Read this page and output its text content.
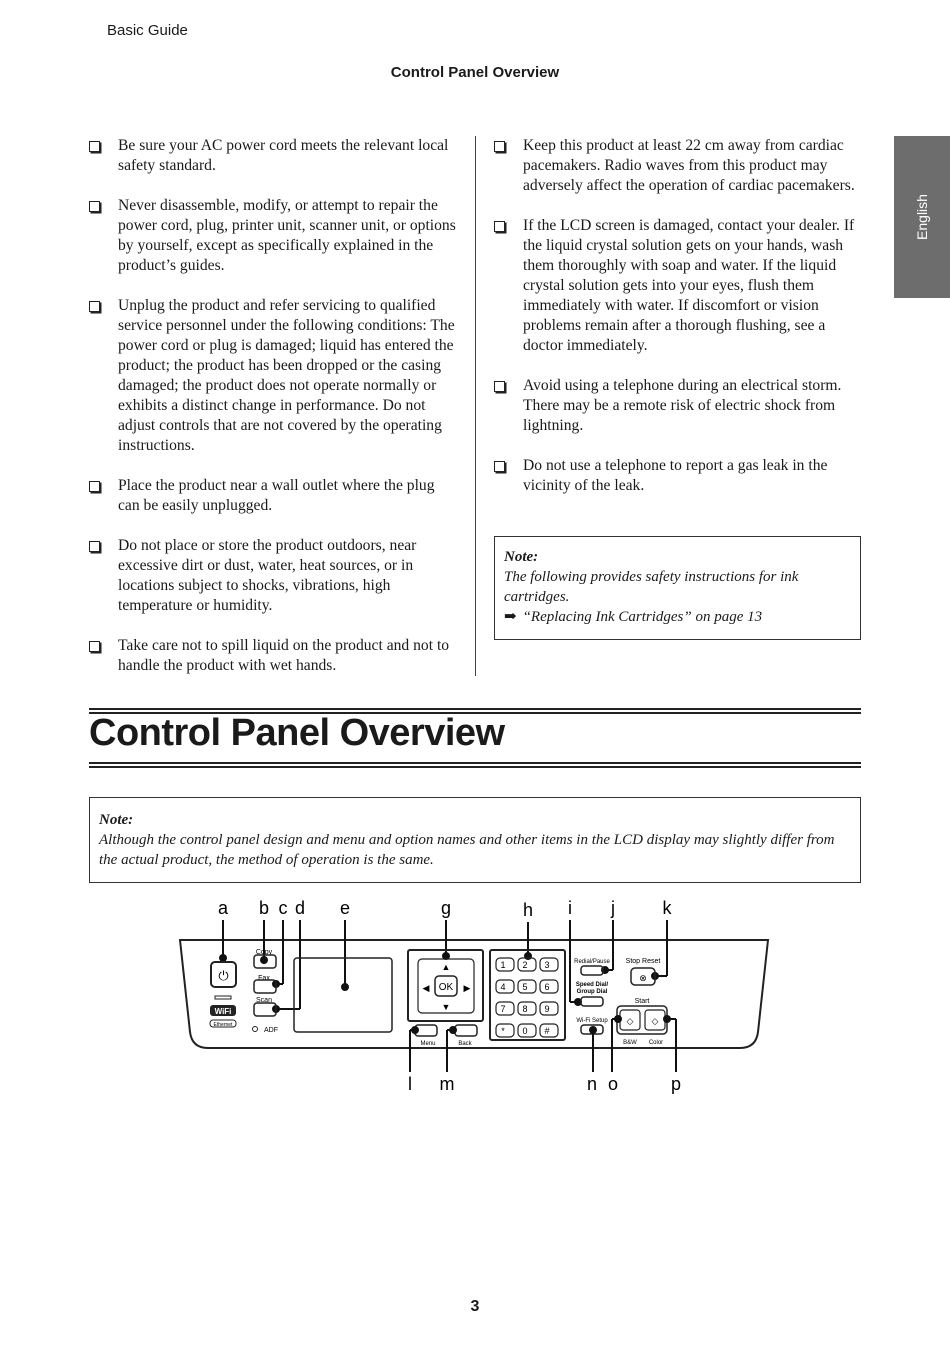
Basic Guide
Control Panel Overview
English
Be sure your AC power cord meets the relevant local safety standard.
Never disassemble, modify, or attempt to repair the power cord, plug, printer unit, scanner unit, or options by yourself, except as specifically explained in the product’s guides.
Unplug the product and refer servicing to qualified service personnel under the following conditions: The power cord or plug is damaged; liquid has entered the product; the product has been dropped or the casing damaged; the product does not operate normally or exhibits a distinct change in performance. Do not adjust controls that are not covered by the operating instructions.
Place the product near a wall outlet where the plug can be easily unplugged.
Do not place or store the product outdoors, near excessive dirt or dust, water, heat sources, or in locations subject to shocks, vibrations, high temperature or humidity.
Take care not to spill liquid on the product and not to handle the product with wet hands.
Keep this product at least 22 cm away from cardiac pacemakers. Radio waves from this product may adversely affect the operation of cardiac pacemakers.
If the LCD screen is damaged, contact your dealer. If the liquid crystal solution gets on your hands, wash them thoroughly with soap and water. If the liquid crystal solution gets into your eyes, flush them immediately with water. If discomfort or vision problems remain after a thorough flushing, see a doctor immediately.
Avoid using a telephone during an electrical storm. There may be a remote risk of electric shock from lightning.
Do not use a telephone to report a gas leak in the vicinity of the leak.
Note:
The following provides safety instructions for ink cartridges.
➡ “Replacing Ink Cartridges” on page 13
Control Panel Overview
Note:
Although the control panel design and menu and option names and other items in the LCD display may slightly differ from the actual product, the method of operation is the same.
a b c d e	g	h i j	k
⏻
WiFi
Ethernet
Copy
Fax
Scan
ADF
▲
▼
◀	▶
OK
Menu	Back
1 2 3
4 5 6
7 8 9
* 0 #
Redial/Pause
Speed Dial/
Group Dial
Wi-Fi Setup
Stop Reset
⊗
Start
◇ ◇
B&W Color
l m	n o	p
3
